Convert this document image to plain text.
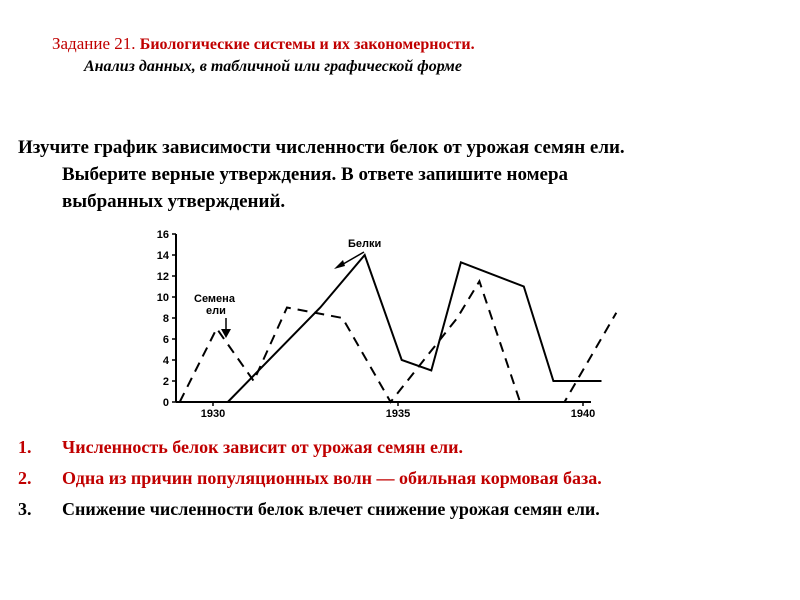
Задание 21. Биологические системы и их закономерности.
Анализ данных, в табличной или графической форме
Изучите график зависимости численности белок от урожая семян ели.
Выберите верные утверждения. В ответе запишите номера
выбранных утверждений.
0
2
4
6
8
10
12
14
16
1930	1935	1940
Белки
Семена
ели
1. Численность белок зависит от урожая семян ели.
2. Одна из причин популяционных волн — обильная кормовая база.
3. Снижение численности белок влечет снижение урожая семян ели.
